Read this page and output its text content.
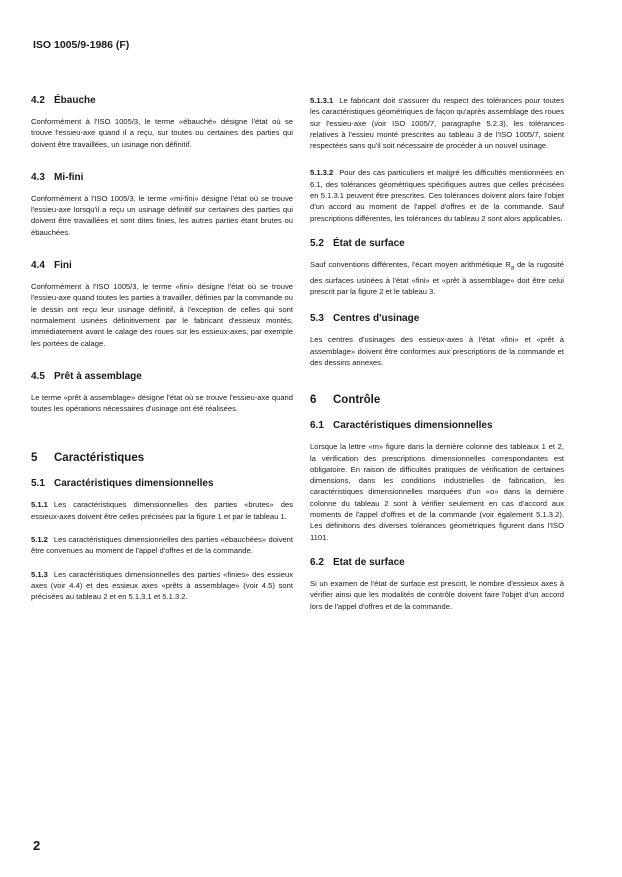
ISO 1005/9-1986 (F)
4.2 Ébauche

Conformément à l'ISO 1005/3, le terme «ébauché» désigne l'état où se trouve l'essieu-axe quand il a reçu, sur toutes ou certaines des parties qui doivent être travaillées, un usinage non définitif.

4.3 Mi-fini

Conformément à l'ISO 1005/3, le terme «mi-fini» désigne l'état où se trouve l'essieu-axe lorsqu'il a reçu un usinage définitif sur certaines des parties qui doivent être travaillées et sont dites finies, les autres parties étant brutes ou ébauchées.

4.4 Fini

Conformément à l'ISO 1005/3, le terme «fini» désigne l'état où se trouve l'essieu-axe quand toutes les parties à travailler, définies par la commande ou le dessin ont reçu leur usinage définitif, à l'exception de celles qui sont normalement usinées définitivement par le fabricant d'essieux montés, immédiatement avant le calage des roues sur les essieux-axes, par exemple les portées de calage.

4.5 Prêt à assemblage

Le terme «prêt à assemblage» désigne l'état où se trouve l'essieu-axe quand toutes les opérations nécessaires d'usinage ont été réalisées.

5	Caractéristiques
5.1 Caractéristiques dimensionnelles

5.1.1 Les caractéristiques dimensionnelles des parties «brutes» des essieux-axes doivent être celles précisées par la figure 1 et par le tableau 1.

5.1.2 Les caractéristiques dimensionnelles des parties «ébauchées» doivent être convenues au moment de l'appel d'offres et de la commande.

5.1.3 Les caractéristiques dimensionnelles des parties «finies» des essieux axes (voir 4.4) et des essieux axes «prêts à assemblage» (voir 4.5) sont précisées au tableau 2 et en 5.1.3.1 et 5.1.3.2.

5.1.3.1 Le fabricant doit s'assurer du respect des tolérances pour toutes les caractéristiques géométriques de façon qu'après assemblage des roues sur l'essieu-axe (voir ISO 1005/7, paragraphe 5.2.3), les tolérances relatives à l'essieu monté prescrites au tableau 3 de l'ISO 1005/7, soient respectées sans qu'il soit nécessaire de procéder à un nouvel usinage.

5.1.3.2 Pour des cas particuliers et malgré les difficultés mentionnées en 6.1, des tolérances géométriques spécifiques autres que celles précisées en 5.1.3.1 peuvent être prescrites. Ces tolérances doivent alors faire l'objet d'un accord au moment de l'appel d'offres et de la commande. Sauf prescriptions différentes, les tolérances du tableau 2 sont alors applicables.

5.2 État de surface

Sauf conventions différentes, l'écart moyen arithmétique $R_a$ de la rugosité des surfaces usinées à l'état «fini» et «prêt à assemblage» doit être celui prescrit par la figure 2 et le tableau 3.

5.3 Centres d'usinage

Les centres d'usinages des essieux-axes à l'état «fini» et «prêt à assemblage» doivent être conformes aux prescriptions de la commande et des dessins annexes.

6	Contrôle
6.1 Caractéristiques dimensionnelles

Lorsque la lettre «m» figure dans la dernière colonne des tableaux 1 et 2, la vérification des prescriptions dimensionnelles correspondantes est obligatoire. En raison de difficultés pratiques de vérification de certaines dimensions, dans les conditions industrielles de fabrication, les caractéristiques dimensionnelles marquées d'un «o» dans la dernière colonne du tableau 2 sont à vérifier seulement en cas d'accord aux moments de l'appel d'offres et de la commande (voir également 5.1.3.2). Les définitions des diverses tolérances géométriques figurent dans l'ISO 1101.

6.2 Etat de surface

Si un examen de l'état de surface est prescrit, le nombre d'essieux axes à vérifier ainsi que les modalités de contrôle doivent faire l'objet d'un accord lors de l'appel d'offres et de la commande.

2
